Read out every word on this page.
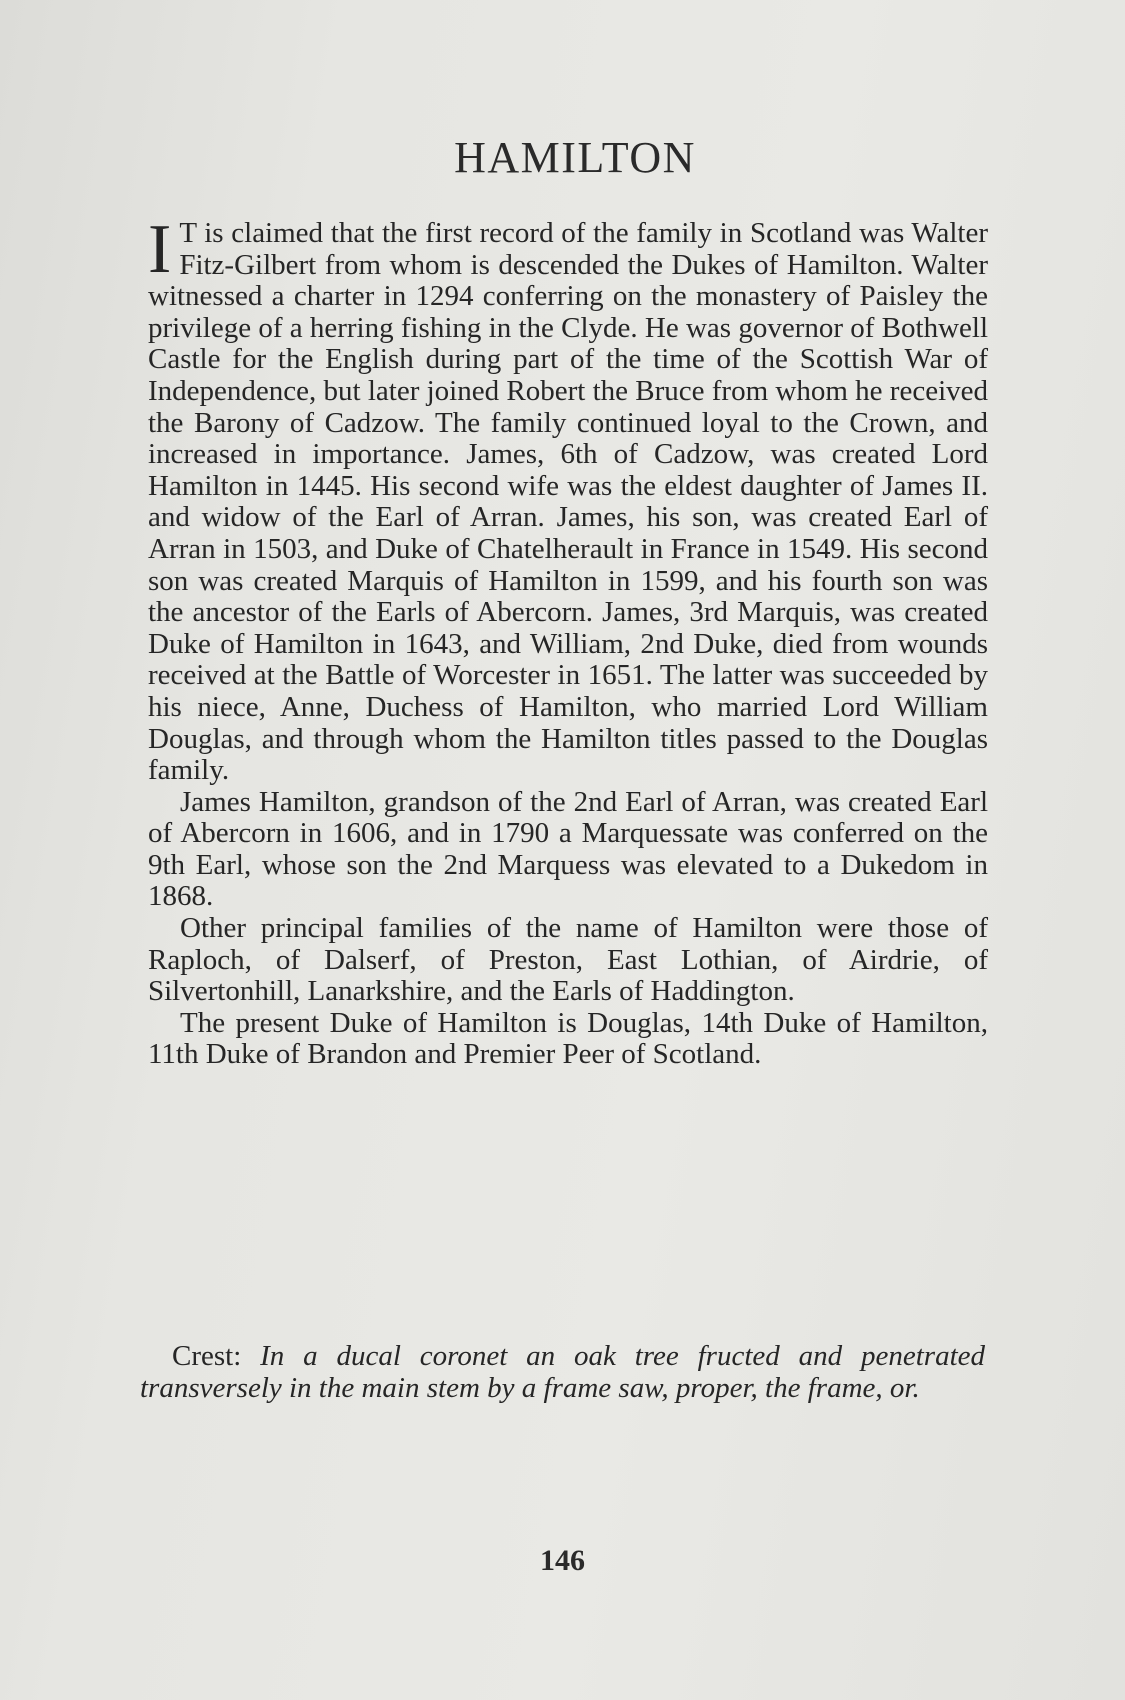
HAMILTON

I T is claimed that the first record of the family in Scotland was Walter Fitz-Gilbert from whom is descended the Dukes of Hamilton. Walter witnessed a charter in 1294 conferring on the monastery of Paisley the privilege of a herring fishing in the Clyde. He was governor of Bothwell Castle for the English during part of the time of the Scottish War of Independence, but later joined Robert the Bruce from whom he received the Barony of Cadzow. The family continued loyal to the Crown, and increased in importance. James, 6th of Cadzow, was created Lord Hamilton in 1445. His second wife was the eldest daughter of James II. and widow of the Earl of Arran. James, his son, was created Earl of Arran in 1503, and Duke of Chatelherault in France in 1549. His second son was created Marquis of Hamilton in 1599, and his fourth son was the ancestor of the Earls of Abercorn. James, 3rd Marquis, was created Duke of Hamilton in 1643, and William, 2nd Duke, died from wounds received at the Battle of Worcester in 1651. The latter was succeeded by his niece, Anne, Duchess of Hamilton, who married Lord William Douglas, and through whom the Hamilton titles passed to the Douglas family.

James Hamilton, grandson of the 2nd Earl of Arran, was created Earl of Abercorn in 1606, and in 1790 a Marquessate was conferred on the 9th Earl, whose son the 2nd Marquess was elevated to a Dukedom in 1868.

Other principal families of the name of Hamilton were those of Raploch, of Dalserf, of Preston, East Lothian, of Airdrie, of Silvertonhill, Lanarkshire, and the Earls of Haddington.

The present Duke of Hamilton is Douglas, 14th Duke of Hamilton, 11th Duke of Brandon and Premier Peer of Scotland.

Crest: In a ducal coronet an oak tree fructed and penetrated transversely in the main stem by a frame saw, proper, the frame, or.
146
